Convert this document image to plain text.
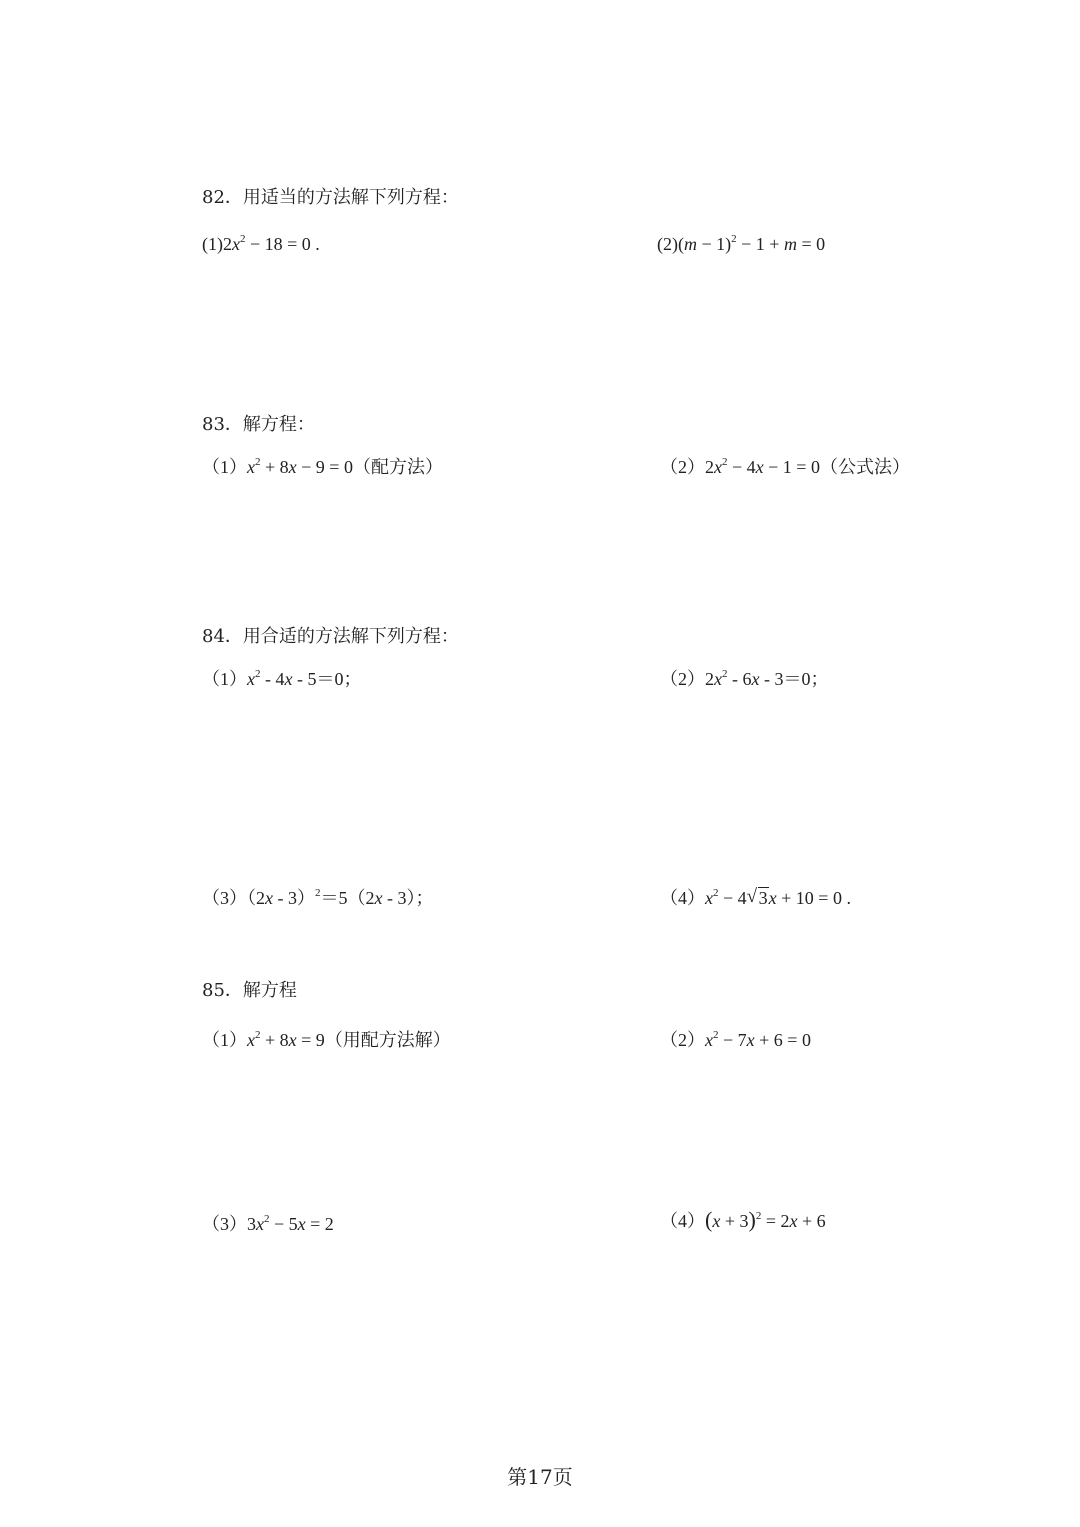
82．用适当的方法解下列方程：
$(1)2x^2 - 18 = 0$ .	$(2)(m - 1)^2 - 1 + m = 0$
83．解方程：
$(1)x^2 + 8x - 9 = 0$（配方法）	$(2)2x^2 - 4x - 1 = 0$（公式法）
84．用合适的方法解下列方程：
$(1)x^2 - 4x - 5=0$；	$(2)2x^2 - 6x - 3=0$；
（3）（2x - 3）$^2$＝5（2x - 3）；	$(4)x^2 - 4√$ 3x + 10 = 0 .
85．解方程
$(1)x^2 + 8x = 9$（用配方法解）	$(2)x^2 - 7x + 6 = 0$
$(3)3x^2 - 5x = 2$	$(4)(x + 3)^2 = 2x + 6$
第17页
